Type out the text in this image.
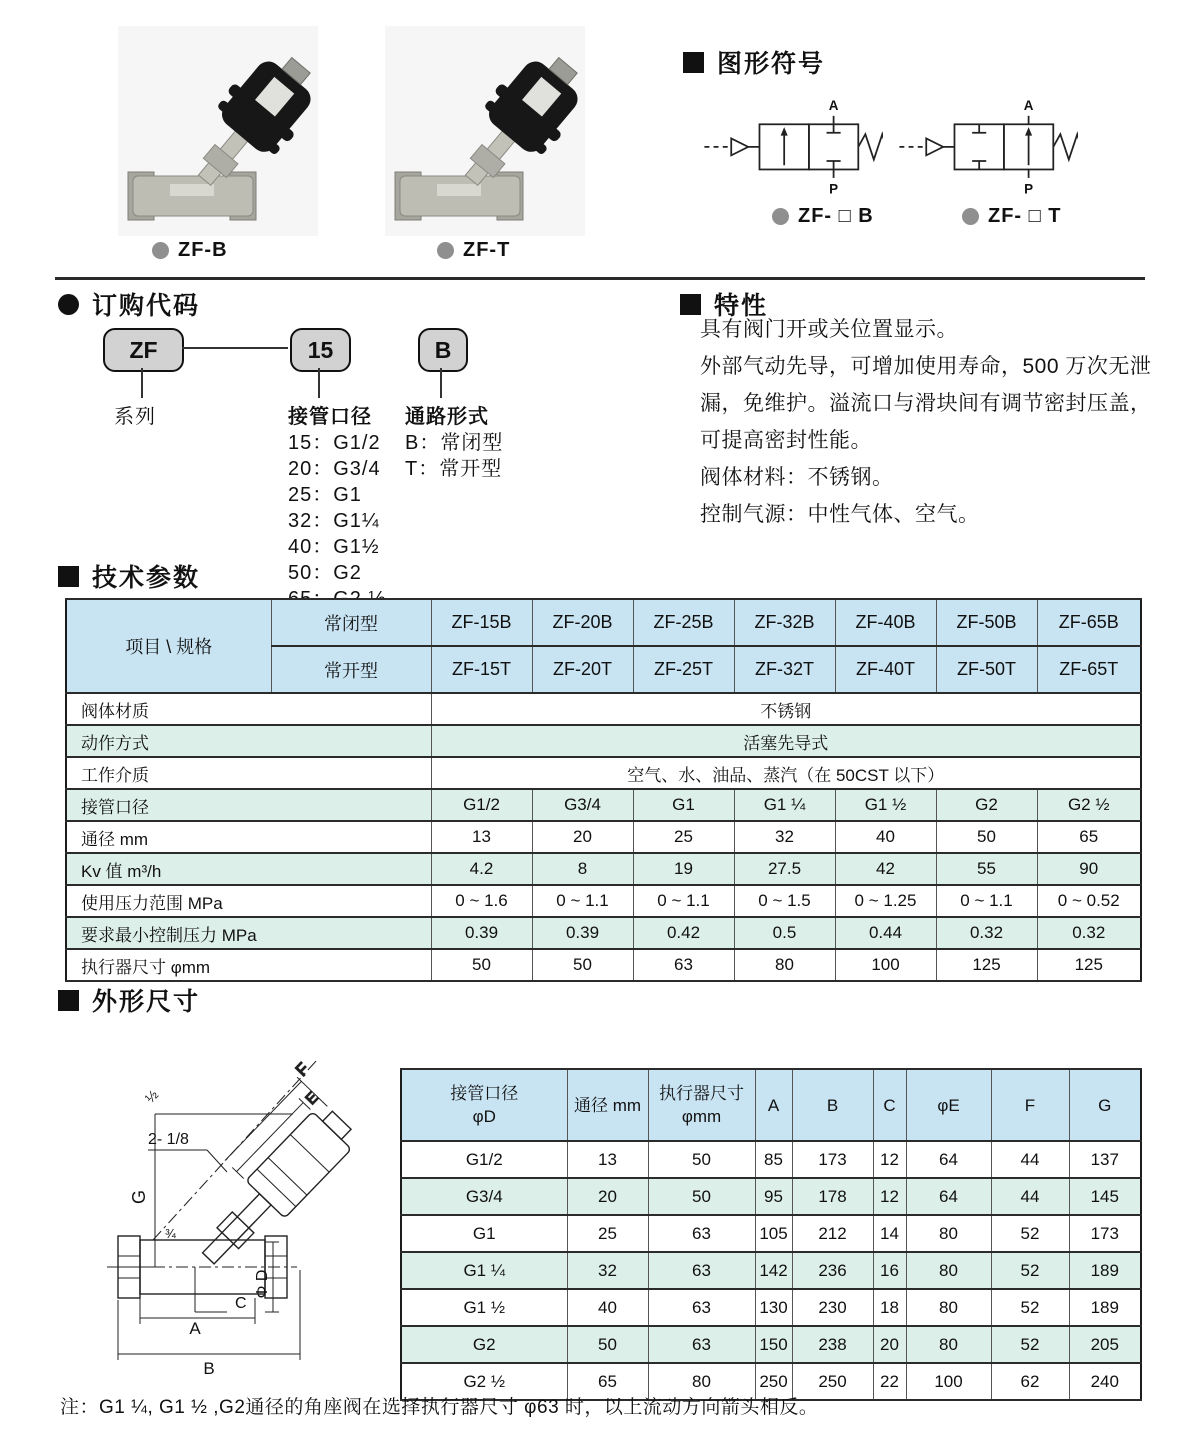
ZF-B	ZF-T
图形符号
A
P
A
P
ZF- □ B	ZF- □ T
订购代码
ZF	15	B
系列	接管口径
15：G1/2
20：G3/4
25：G1
32：G1¼
40：G1½
50：G2
通路形式
B：常闭型
T：常开型
特性
具有阀门开或关位置显示。
外部气动先导，可增加使用寿命，500 万次无泄漏，免维护。溢流口与滑块间有调节密封压盖，可提高密封性能。
阀体材料：不锈钢。
控制气源：中性气体、空气。
技术参数
项目 \ 规格	常闭型	ZF-15B	ZF-20B	ZF-25B	ZF-32B	ZF-40B	ZF-50B	ZF-65B
	常开型	ZF-15T	ZF-20T	ZF-25T	ZF-32T	ZF-40T	ZF-50T	ZF-65T
阀体材质		不锈钢						
动作方式		活塞先导式						
工作介质		空气、水、油品、蒸汽（在 50CST 以下）						
接管口径		G1/2	G3/4	G1	G1 ¼	G1 ½	G2	G2 ½
通径 mm		13	20	25	32	40	50	65
Kv 值 m³/h		4.2	8	19	27.5	42	55	90
使用压力范围 MPa		0 ~ 1.6	0 ~ 1.1	0 ~ 1.1	0 ~ 1.5	0 ~ 1.25	0 ~ 1.1	0 ~ 0.52
要求最小控制压力 MPa		0.39	0.39	0.42	0.5	0.44	0.32	0.32
执行器尺寸 φmm		50	50	63	80	100	125	125
外形尺寸
F
E
2- 1/8
¾
½
G
A
B
C
Φ D
接管口径
φD	通径 mm	执行器尺寸
φmm	A	B	C	φE	F	G
G1/2	13	50	85	173	12	64	44	137
G3/4	20	50	95	178	12	64	44	145
G1	25	63	105	212	14	80	52	173
G1 ¼	32	63	142	236	16	80	52	189
G1 ½	40	63	130	230	18	80	52	189
G2	50	63	150	238	20	80	52	205
G2 ½	65	80	250	250	22	100	62	240
注：G1 ¼, G1 ½ ,G2通径的角座阀在选择执行器尺寸 φ63 时，以上流动方向箭头相反。
